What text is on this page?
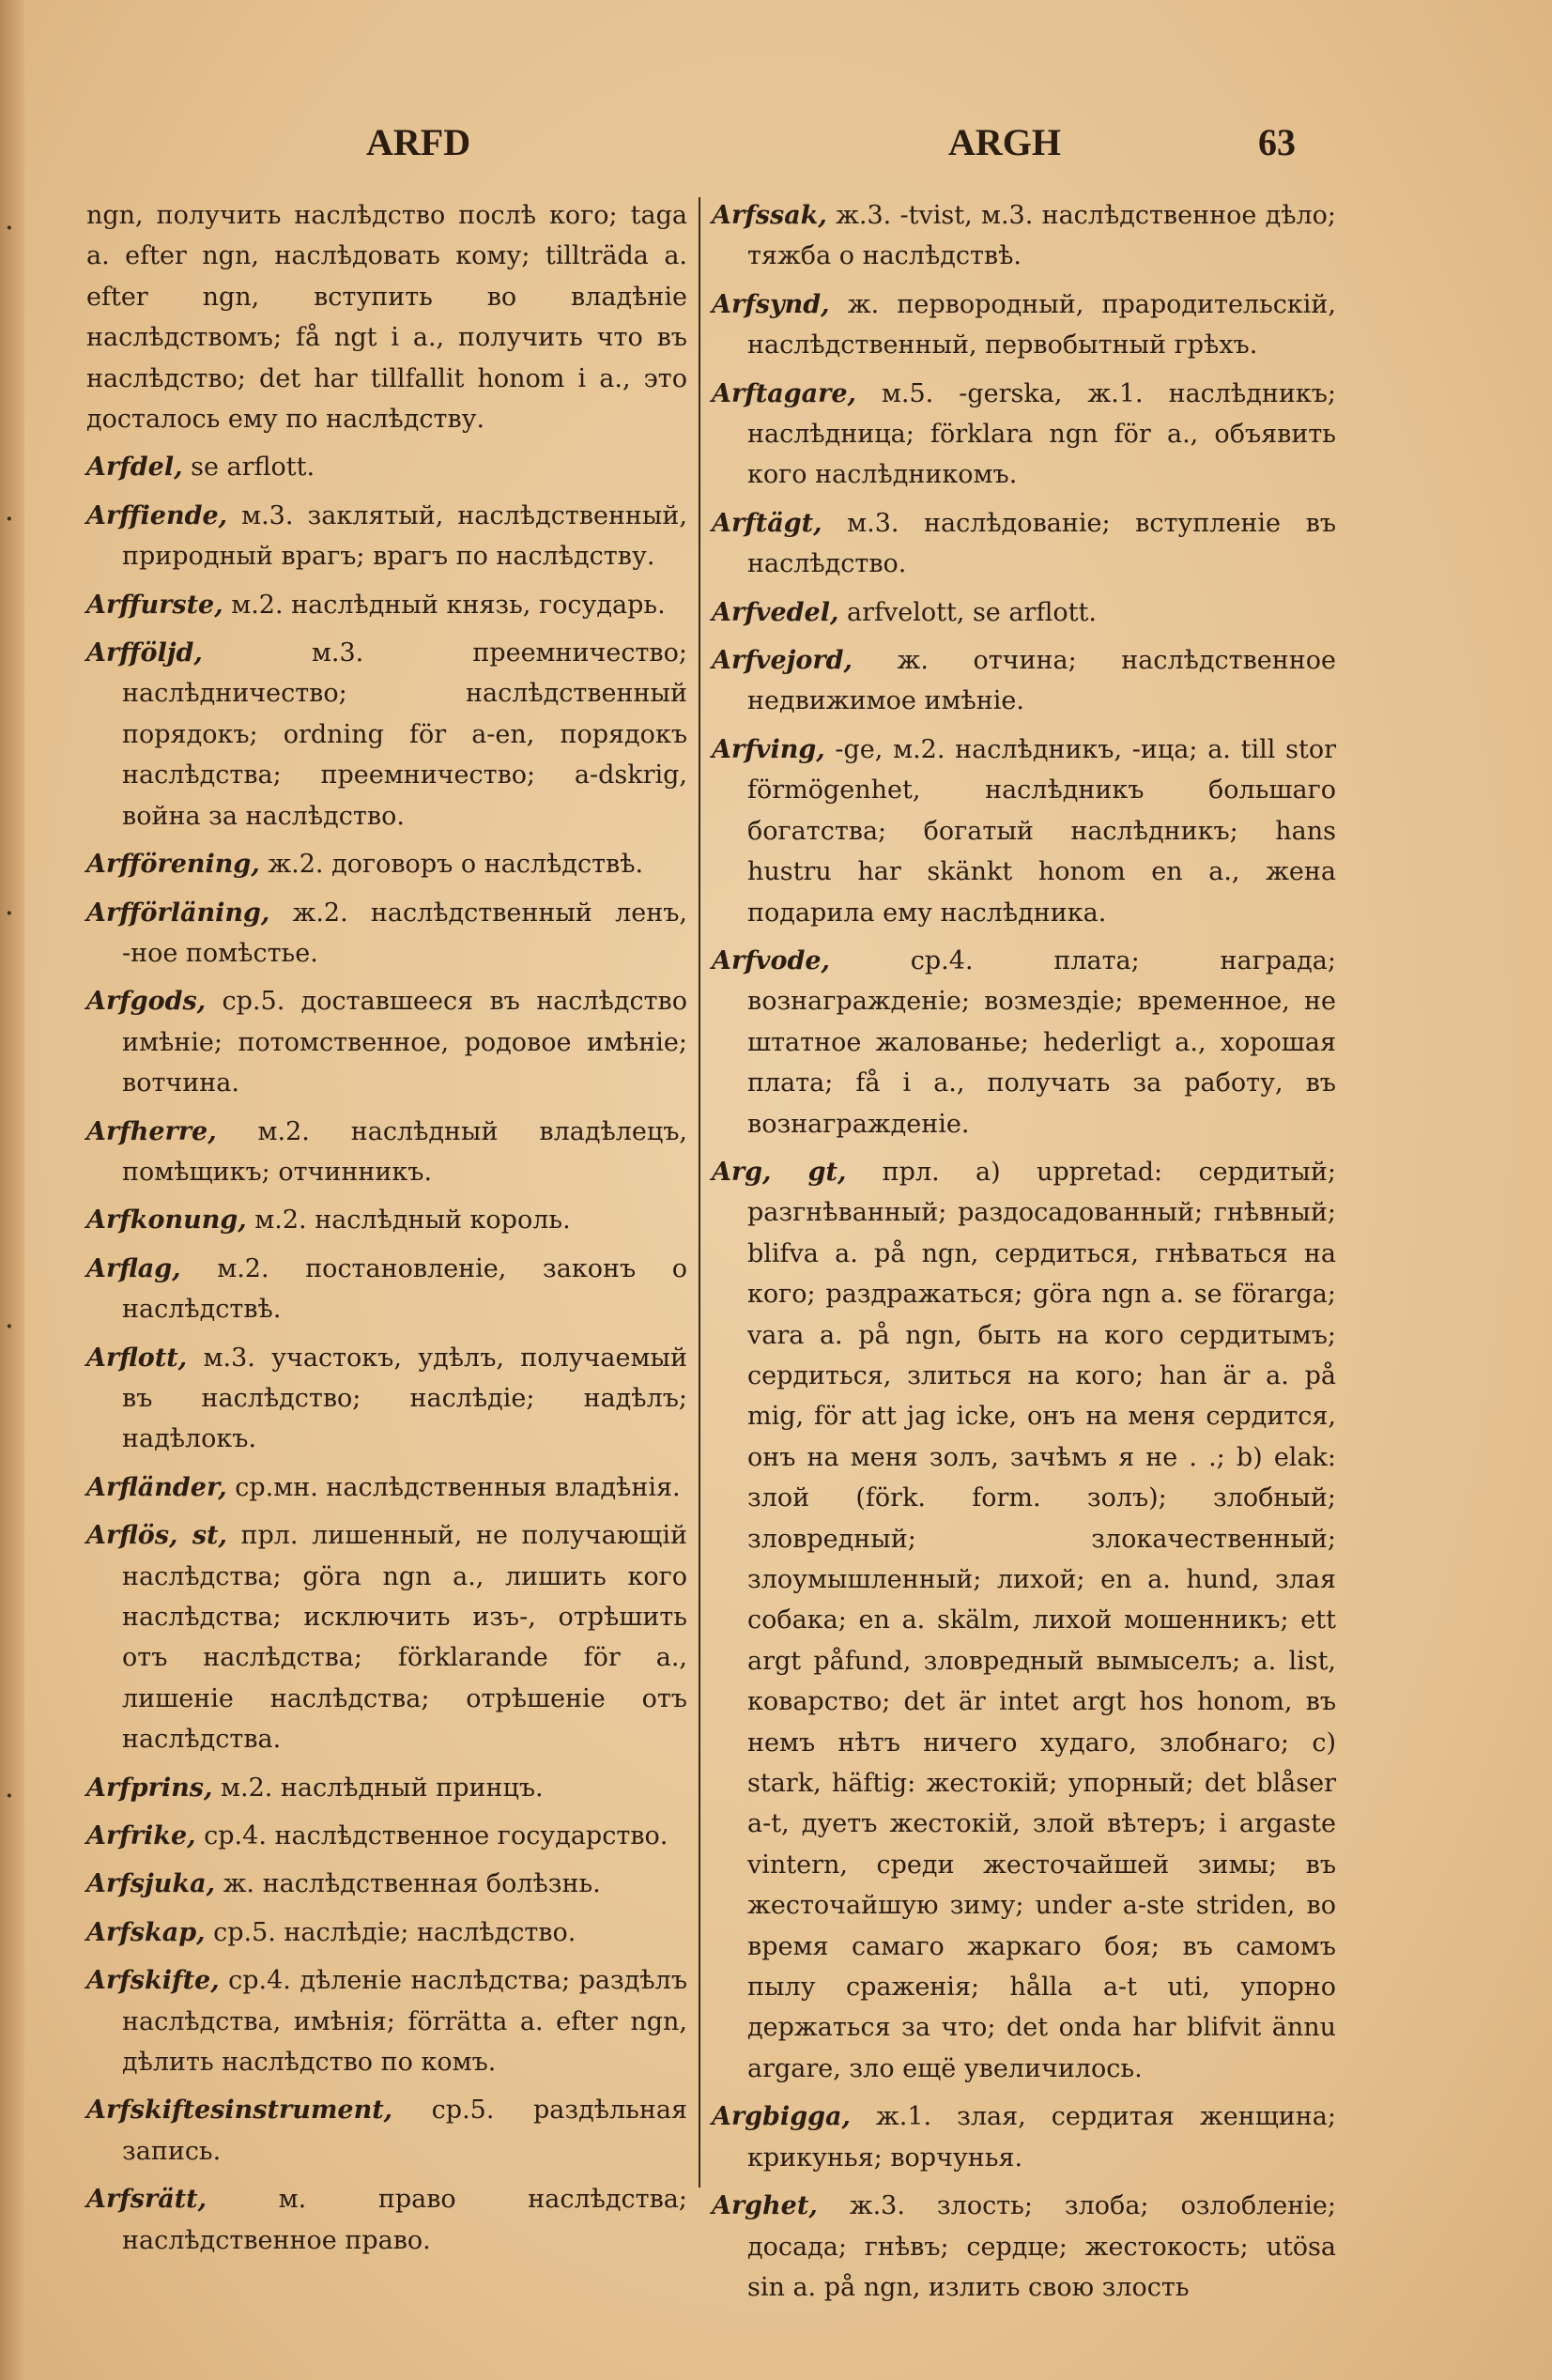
·
·
·
·
·
ARFD	ARGH	63
ngn, получить наслѣдство послѣ кого; taga a. efter ngn, наслѣдовать кому; tillträda a. efter ngn, вступить во владѣніе наслѣдствомъ; få ngt i a., получить что въ наслѣдство; det har tillfallit honom i a., это досталось ему по наслѣдству.
Arfdel, se arflott.
Arffiende, м.3. заклятый, наслѣдственный, природный врагъ; врагъ по наслѣдству.
Arffurste, м.2. наслѣдный князь, государь.
Arfföljd,	м.3. преемничество; наслѣдничество; наслѣдственный порядокъ; ordning för a-en, порядокъ наслѣдства; преемничество; a-dskrig, война за наслѣдство.
Arfförening, ж.2. договоръ о наслѣдствѣ.
Arfförläning, ж.2. наслѣдственный ленъ, -ное помѣстье.
Arfgods, ср.5. доставшееся въ наслѣдство имѣніе; потомственное, родовое имѣніе; вотчина.
Arfherre, м.2. наслѣдный владѣлецъ, помѣщикъ; отчинникъ.
Arfkonung, м.2. наслѣдный король.
Arflag, м.2. постановленіе, законъ о наслѣдствѣ.
Arflott, м.3. участокъ, удѣлъ, получаемый въ наслѣдство; наслѣдіе; надѣлъ; надѣлокъ.
Arfländer, ср.мн. наслѣдственныя владѣнія.
Arflös, st, прл. лишенный, не получающій наслѣдства; göra ngn a., лишить кого наслѣдства; исключить изъ-, отрѣшить отъ наслѣдства; förklarande för a., лишеніе наслѣдства; отрѣшеніе отъ наслѣдства.
Arfprins, м.2. наслѣдный принцъ.
Arfrike, ср.4. наслѣдственное государство.
Arfsjuka, ж. наслѣдственная болѣзнь.
Arfskap, ср.5. наслѣдіе; наслѣдство.
Arfskifte, ср.4. дѣленіе наслѣдства; раздѣлъ наслѣдства, имѣнія; förrätta a. efter ngn, дѣлить наслѣдство по комъ.
Arfskiftesinstrument, ср.5. раздѣльная запись.
Arfsrätt,	м. право наслѣдства; наслѣдственное право.
Arfssak, ж.3. -tvist, м.3. наслѣдственное дѣло; тяжба о наслѣдствѣ.
Arfsynd, ж. первородный, прародительскій, наслѣдственный, первобытный грѣхъ.
Arftagare, м.5. -gerska, ж.1. наслѣдникъ; наслѣдница; förklara ngn för a., объявить кого наслѣдникомъ.
Arftägt, м.3. наслѣдованіе; вступленіе въ наслѣдство.
Arfvedel, arfvelott, se arflott.
Arfvejord, ж. отчина; наслѣдственное недвижимое имѣніе.
Arfving, -ge, м.2. наслѣдникъ, -ица; a. till stor förmögenhet, наслѣдникъ большаго богатства; богатый наслѣдникъ; hans hustru har skänkt honom en a., жена подарила ему наслѣдника.
Arfvode,	ср.4. плата; награда; вознагражденіе; возмездіе; временное, не штатное жалованье; hederligt a., хорошая плата; få i a., получать за работу, въ вознагражденіе.
Arg, gt, прл. a) uppretad: сердитый; разгнѣванный; раздосадованный; гнѣвный; blifva a. på ngn, сердиться, гнѣваться на кого; раздражаться; göra ngn a. se förarga; vara a. på ngn, быть на кого сердитымъ; сердиться, злиться на кого; han är a. på mig, för att jag icke, онъ на меня сердится, онъ на меня золъ, зачѣмъ я не . .; b) elak: злой (förk. form. золъ); злобный; зловредный; злокачественный; злоумышленный; лихой; en a. hund, злая собака; en a. skälm, лихой мошенникъ; ett argt påfund, зловредный вымыселъ; a. list, коварство; det är intet argt hos honom, въ немъ нѣтъ ничего худаго, злобнаго; c) stark, häftig: жестокій; упорный; det blåser a-t, дуетъ жестокій, злой вѣтеръ; i argaste vintern, среди жесточайшей зимы; въ жесточайшую зиму; under a-ste striden, во время самаго жаркаго боя; въ самомъ пылу сраженія; hålla a-t uti, упорно держаться за что; det onda har blifvit ännu argare, зло ещё увеличилось.
Argbigga, ж.1. злая, сердитая женщина; крикунья; ворчунья.
Arghet, ж.3. злость; злоба; озлобленіе; досада; гнѣвъ; сердце; жестокость; utösa sin a. på ngn, излить свою злость
